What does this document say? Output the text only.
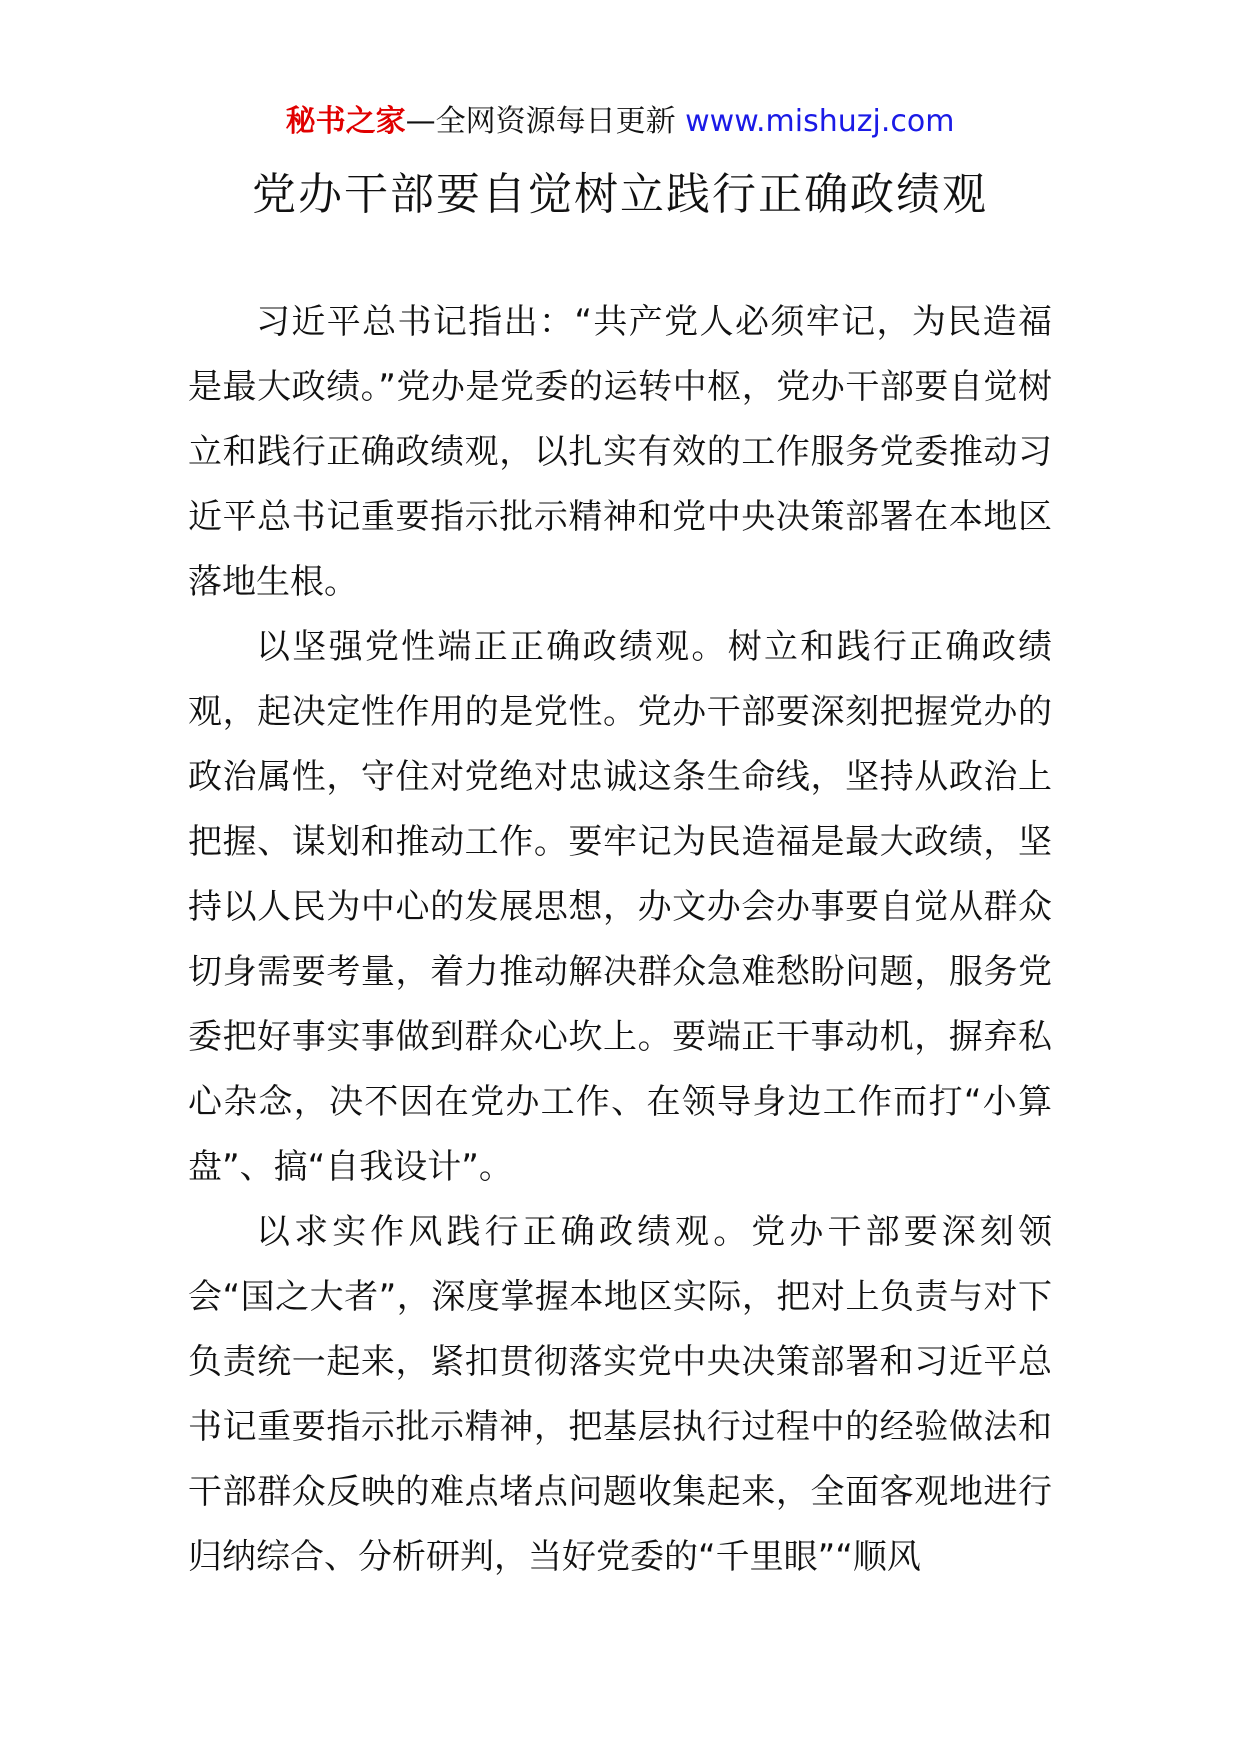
秘书之家—全网资源每日更新 www.mishuzj.com
党办干部要自觉树立践行正确政绩观

习近平总书记指出：“共产党人必须牢记，为民造福是最大政绩。”党办是党委的运转中枢，党办干部要自觉树立和践行正确政绩观，以扎实有效的工作服务党委推动习近平总书记重要指示批示精神和党中央决策部署在本地区落地生根。

以坚强党性端正正确政绩观。树立和践行正确政绩观，起决定性作用的是党性。党办干部要深刻把握党办的政治属性，守住对党绝对忠诚这条生命线，坚持从政治上把握、谋划和推动工作。要牢记为民造福是最大政绩，坚持以人民为中心的发展思想，办文办会办事要自觉从群众切身需要考量，着力推动解决群众急难愁盼问题，服务党委把好事实事做到群众心坎上。要端正干事动机，摒弃私心杂念，决不因在党办工作、在领导身边工作而打“小算盘”、搞“自我设计”。

以求实作风践行正确政绩观。党办干部要深刻领会“国之大者”，深度掌握本地区实际，把对上负责与对下负责统一起来，紧扣贯彻落实党中央决策部署和习近平总书记重要指示批示精神，把基层执行过程中的经验做法和干部群众反映的难点堵点问题收集起来，全面客观地进行归纳综合、分析研判，当好党委的“千里眼”“顺风
